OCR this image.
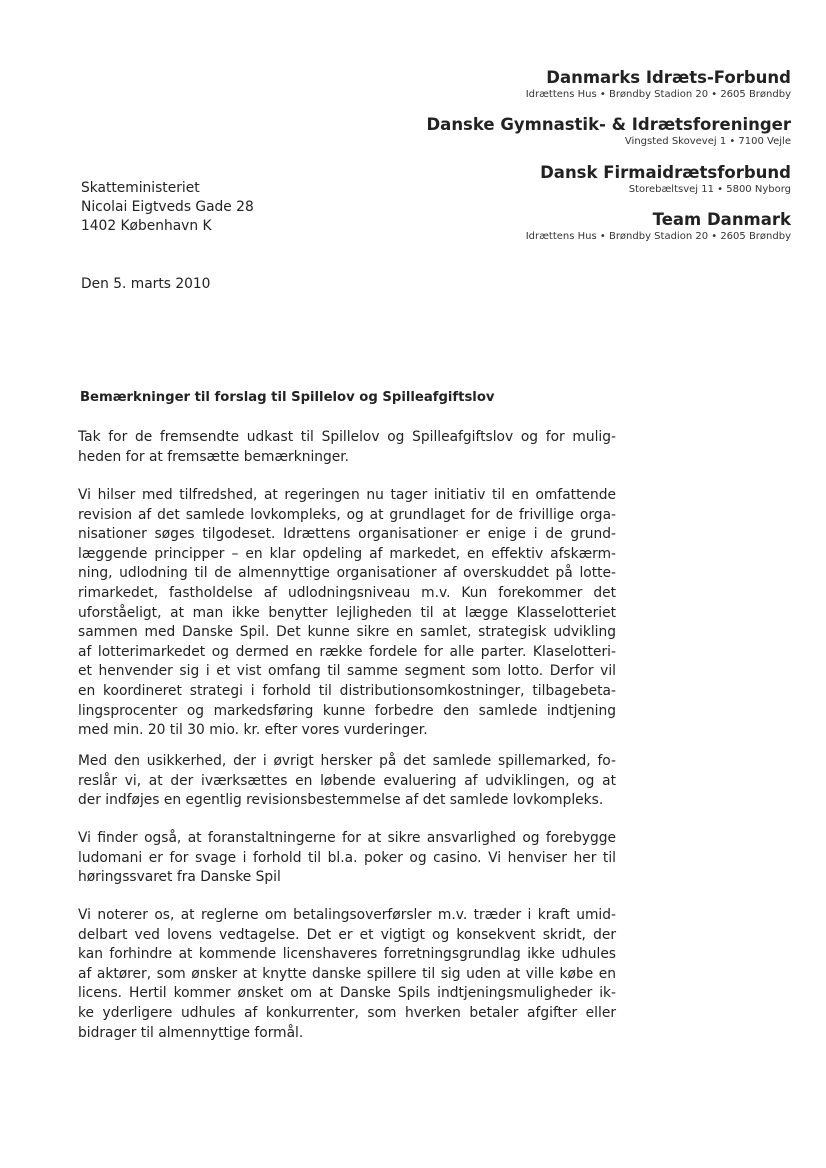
Danmarks Idræts-Forbund
Idrættens Hus • Brøndby Stadion 20 • 2605 Brøndby
Danske Gymnastik- & Idrætsforeninger
Vingsted Skovevej 1 • 7100 Vejle
Dansk Firmaidrætsforbund
Storebæltsvej 11 • 5800 Nyborg
Team Danmark
Idrættens Hus • Brøndby Stadion 20 • 2605 Brøndby
Skatteministeriet
Nicolai Eigtveds Gade 28
1402 København K
Den 5. marts 2010
Bemærkninger til forslag til Spillelov og Spilleafgiftslov
Tak for de fremsendte udkast til Spillelov og Spilleafgiftslov og for mulig-
heden for at fremsætte bemærkninger.
Vi hilser med tilfredshed, at regeringen nu tager initiativ til en omfattende
revision af det samlede lovkompleks, og at grundlaget for de frivillige orga-
nisationer søges tilgodeset. Idrættens organisationer er enige i de grund-
læggende principper – en klar opdeling af markedet, en effektiv afskærm-
ning, udlodning til de almennyttige organisationer af overskuddet på lotte-
rimarkedet, fastholdelse af udlodningsniveau m.v. Kun forekommer det
uforståeligt, at man ikke benytter lejligheden til at lægge Klasselotteriet
sammen med Danske Spil. Det kunne sikre en samlet, strategisk udvikling
af lotterimarkedet og dermed en række fordele for alle parter. Klaselotteri-
et henvender sig i et vist omfang til samme segment som lotto. Derfor vil
en koordineret strategi i forhold til distributionsomkostninger, tilbagebeta-
lingsprocenter og markedsføring kunne forbedre den samlede indtjening
med min. 20 til 30 mio. kr. efter vores vurderinger.
Med den usikkerhed, der i øvrigt hersker på det samlede spillemarked, fo-
reslår vi, at der iværksættes en løbende evaluering af udviklingen, og at
der indføjes en egentlig revisionsbestemmelse af det samlede lovkompleks.
Vi finder også, at foranstaltningerne for at sikre ansvarlighed og forebygge
ludomani er for svage i forhold til bl.a. poker og casino. Vi henviser her til
høringssvaret fra Danske Spil
Vi noterer os, at reglerne om betalingsoverførsler m.v. træder i kraft umid-
delbart ved lovens vedtagelse. Det er et vigtigt og konsekvent skridt, der
kan forhindre at kommende licenshaveres forretningsgrundlag ikke udhules
af aktører, som ønsker at knytte danske spillere til sig uden at ville købe en
licens. Hertil kommer ønsket om at Danske Spils indtjeningsmuligheder ik-
ke yderligere udhules af konkurrenter, som hverken betaler afgifter eller
bidrager til almennyttige formål.
